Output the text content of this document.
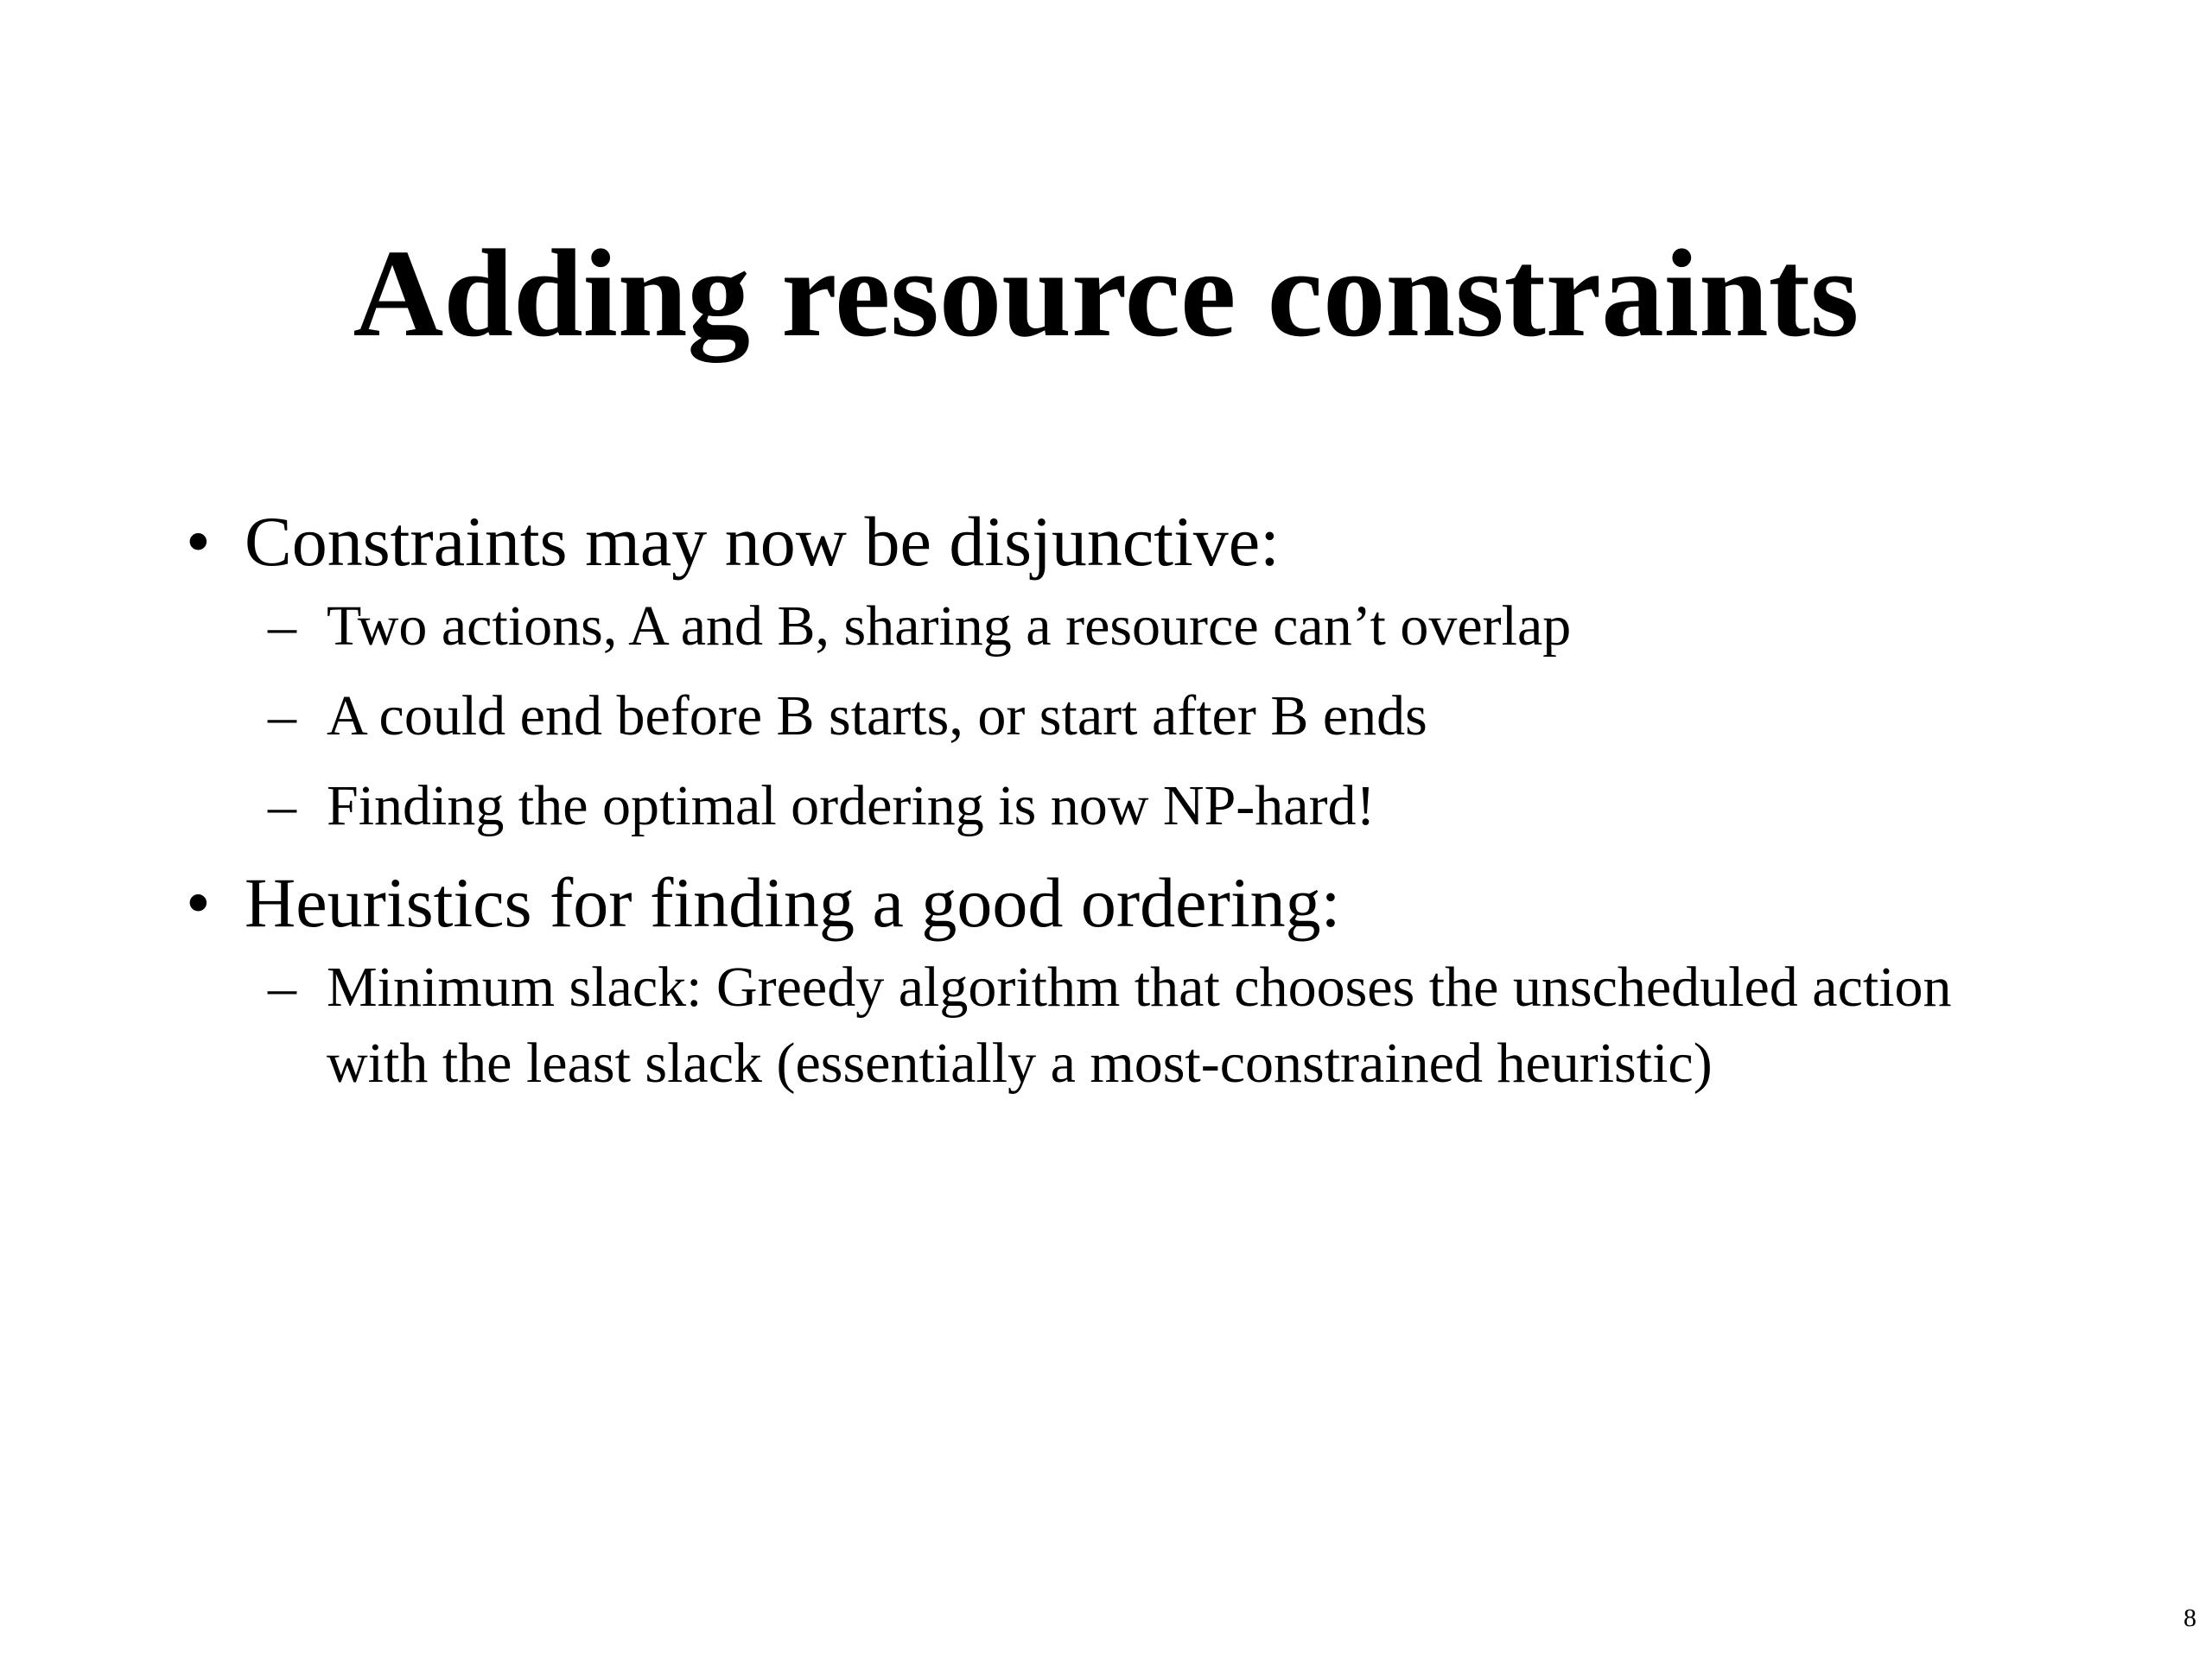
Adding resource constraints
• Constraints may now be disjunctive:
– Two actions, A and B, sharing a resource can’t overlap
– A could end before B starts, or start after B ends
– Finding the optimal ordering is now NP-hard!
• Heuristics for finding a good ordering:
– Minimum slack: Greedy algorithm that chooses the unscheduled action with the least slack (essentially a most-constrained heuristic)
8
